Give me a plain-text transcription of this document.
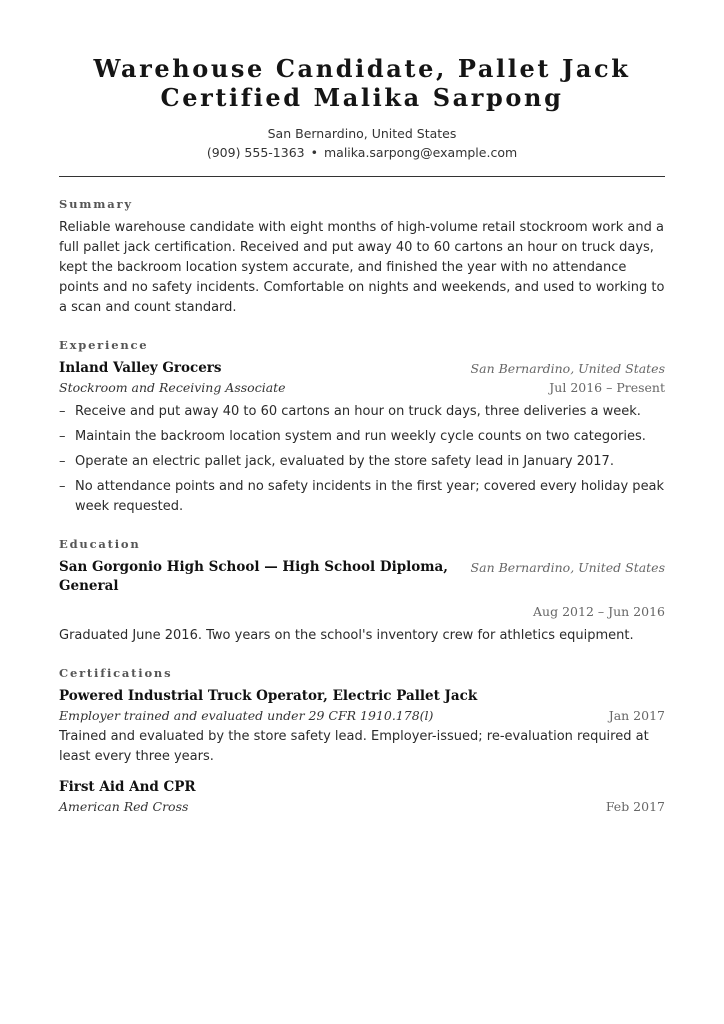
Warehouse Candidate, Pallet Jack Certified Malika Sarpong
San Bernardino, United States
(909) 555-1363 • malika.sarpong@example.com
Summary

Reliable warehouse candidate with eight months of high-volume retail stockroom work and a full pallet jack certification. Received and put away 40 to 60 cartons an hour on truck days, kept the backroom location system accurate, and finished the year with no attendance points and no safety incidents. Comfortable on nights and weekends, and used to working to a scan and count standard.

Experience
Inland Valley Grocers	San Bernardino, United States
Stockroom and Receiving Associate	Jul 2016 – Present
– Receive and put away 40 to 60 cartons an hour on truck days, three deliveries a week.
– Maintain the backroom location system and run weekly cycle counts on two categories.
– Operate an electric pallet jack, evaluated by the store safety lead in January 2017.
– No attendance points and no safety incidents in the first year; covered every holiday peak week requested.
Education
San Gorgonio High School — High School Diploma, General
San Bernardino, United States
Aug 2012 – Jun 2016

Graduated June 2016. Two years on the school's inventory crew for athletics equipment.

Certifications
Powered Industrial Truck Operator, Electric Pallet Jack
Employer trained and evaluated under 29 CFR 1910.178(l)	Jan 2017

Trained and evaluated by the store safety lead. Employer-issued; re-evaluation required at least every three years.

First Aid And CPR
American Red Cross	Feb 2017
